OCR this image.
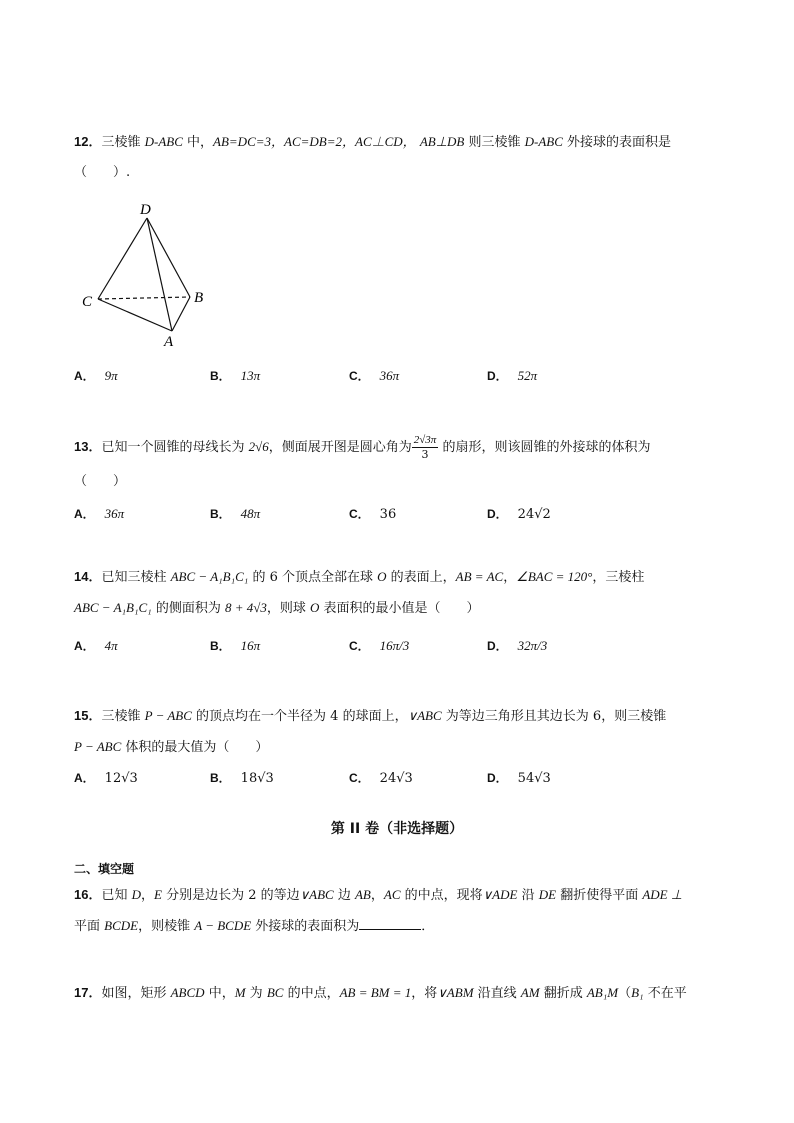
12．三棱锥 D-ABC 中，AB=DC=3，AC=DB=2，AC⊥CD， AB⊥DB 则三棱锥 D-ABC 外接球的表面积是
（　　）.
D
C	B
A
A． 9π	B． 13π	C． 36π	D． 52π
13．已知一个圆锥的母线长为 2√6，侧面展开图是圆心角为 $\frac{2√3\pi}{3}$ 的扇形，则该圆锥的外接球的体积为
（　　）
A． 36π	B． 48π	C． 36	D． 24√2
14．已知三棱柱 ABC − A₁B₁C₁ 的 6 个顶点全部在球 O 的表面上，AB = AC，∠BAC = 120°，三棱柱
ABC − A₁B₁C₁ 的侧面积为 8 + 4√3，则球 O 表面积的最小值是（　　）
A． 4π	B． 16π	C． 16π/3	D． 32π/3
15．三棱锥 P − ABC 的顶点均在一个半径为 4 的球面上，∨ABC 为等边三角形且其边长为 6，则三棱锥
P − ABC 体积的最大值为（　　）
A． 12√3	B． 18√3	C． 24√3	D． 54√3
第 II 卷（非选择题）
二、填空题
16．已知 D，E 分别是边长为 2 的等边∨ABC 边 AB，AC 的中点，现将∨ADE 沿 DE 翻折使得平面 ADE ⊥
平面 BCDE，则棱锥 A − BCDE 外接球的表面积为	．
17．如图，矩形 ABCD 中，M 为 BC 的中点，AB = BM = 1，将∨ABM 沿直线 AM 翻折成 AB₁M（B₁ 不在平
